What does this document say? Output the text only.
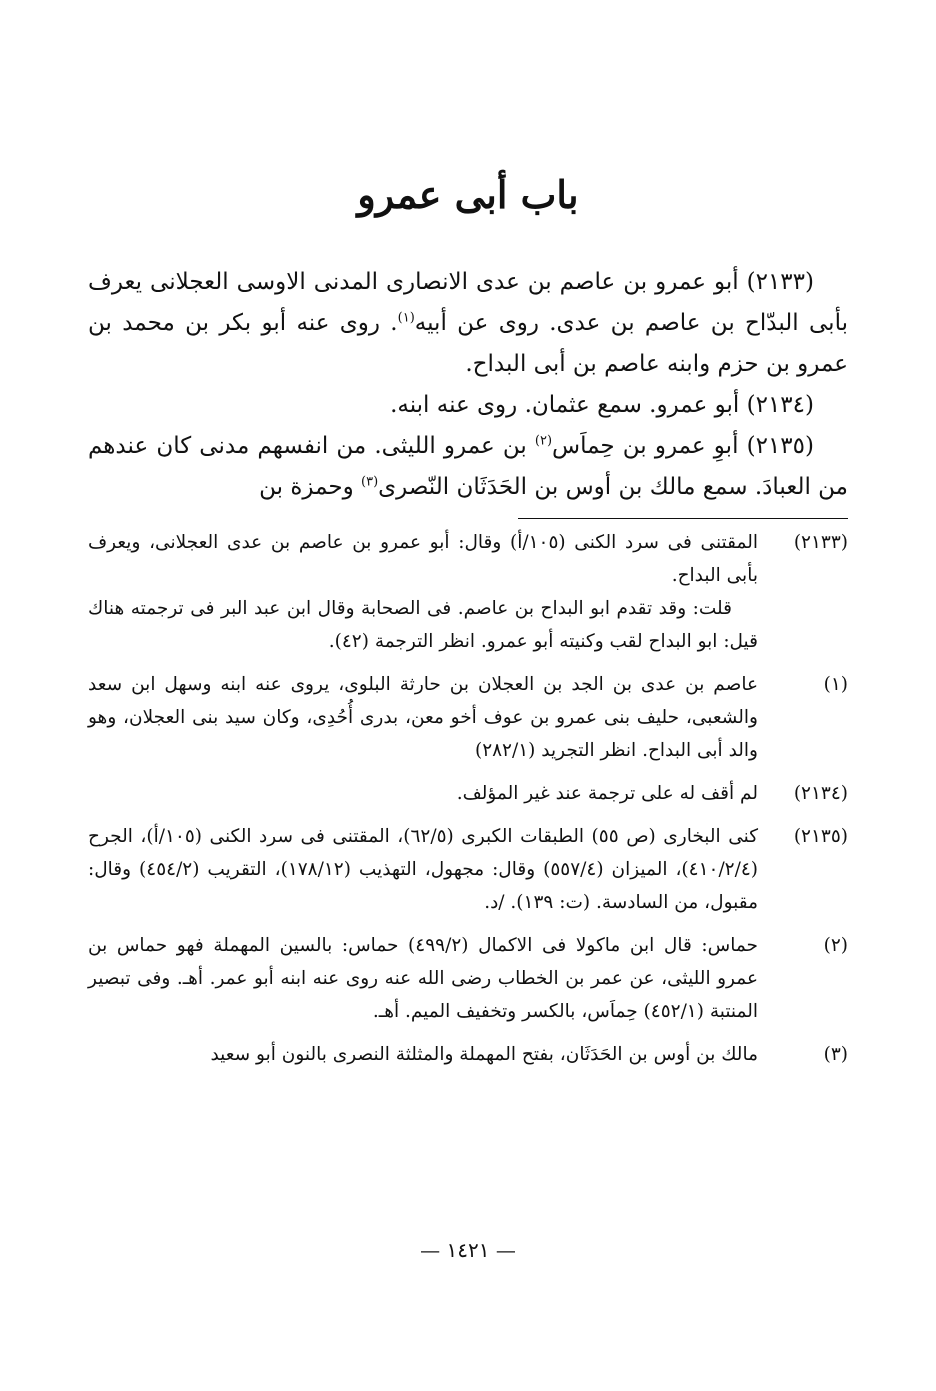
باب أبى عمرو

(٢١٣٣) أبو عمرو بن عاصم بن عدى الانصارى المدنى الاوسى العجلانى يعرف بأبى البدّاح بن عاصم بن عدى. روى عن أبيه$^{(١)}$. روى عنه أبو بكر بن محمد بن عمرو بن حزم وابنه عاصم بن أبى البداح.

(٢١٣٤) أبو عمرو. سمع عثمان. روى عنه ابنه.

(٢١٣٥) أبوِ عمرو بن حِماَس$^{(٢)}$ بن عمرو الليثى. من انفسهم مدنى كان عندهم من العبادَ. سمع مالك بن أوس بن الحَدَثَان النّصرى$^{(٣)}$ وحمزة بن

(٢١٣٣)

المقتنى فى سرد الكنى (١٠٥/أ) وقال: أبو عمرو بن عاصم بن عدى العجلانى، ويعرف بأبى البداح.

قلت: وقد تقدم ابو البداح بن عاصم. فى الصحابة وقال ابن عبد البر فى ترجمته هناك قيل: ابو البداح لقب وكنيته أبو عمرو. انظر الترجمة (٤٢).

(١)

عاصم بن عدى بن الجد بن العجلان بن حارثة البلوى، يروى عنه ابنه وسهل ابن سعد والشعبى، حليف بنى عمرو بن عوف أخو معن، بدرى أُحُدِى، وكان سيد بنى العجلان، وهو والد أبى البداح. انظر التجريد (٢٨٢/١)

(٢١٣٤)

لم أقف له على ترجمة عند غير المؤلف.

(٢١٣٥)

كنى البخارى (ص ٥٥) الطبقات الكبرى (٦٢/٥)، المقتنى فى سرد الكنى (١٠٥/أ)، الجرح (٤١٠/٢/٤)، الميزان (٥٥٧/٤) وقال: مجهول، التهذيب (١٧٨/١٢)، التقريب (٤٥٤/٢) وقال: مقبول، من السادسة. (ت: ١٣٩). /د.

(٢)

حماس: قال ابن ماكولا فى الاكمال (٤٩٩/٢) حماس: بالسين المهملة فهو حماس بن عمرو الليثى، عن عمر بن الخطاب رضى الله عنه روى عنه ابنه أبو عمر. أهـ. وفى تبصير المنتبة (٤٥٢/١) حِماَس، بالكسر وتخفيف الميم. أهـ.

(٣)

مالك بن أوس بن الحَدَثَان، بفتح المهملة والمثلثة النصرى بالنون أبو سعيد

— ١٤٢١ —
